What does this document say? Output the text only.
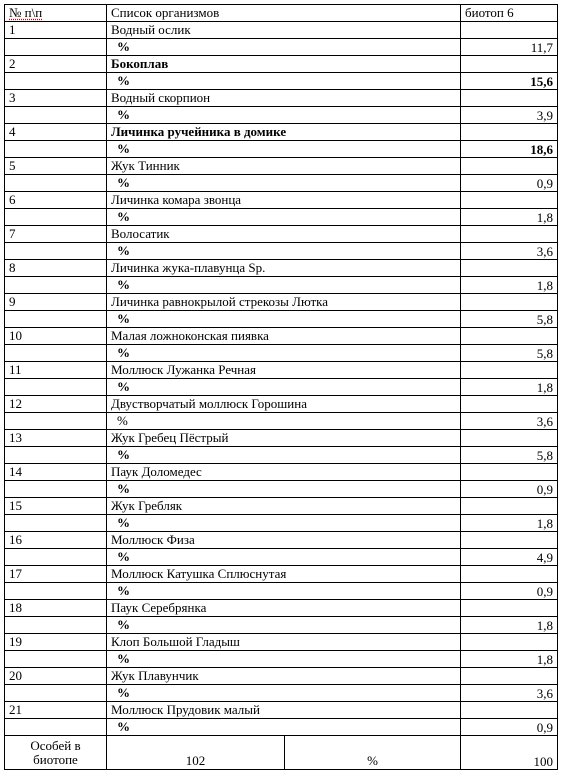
№ п\п	Список организмов		биотоп 6
1	Водный ослик		
	%		11,7
2	Бокоплав		
	%		15,6
3	Водный скорпион		
	%		3,9
4	Личинка ручейника в домике		
	%		18,6
5	Жук Тинник		
	%		0,9
6	Личинка комара звонца		
	%		1,8
7	Волосатик		
	%		3,6
8	Личинка жука-плавунца Sp.		
	%		1,8
9	Личинка равнокрылой стрекозы Лютка		
	%		5,8
10	Малая ложноконская пиявка		
	%		5,8
11	Моллюск Лужанка Речная		
	%		1,8
12	Двустворчатый моллюск Горошина		
	%		3,6
13	Жук Гребец Пёстрый		
	%		5,8
14	Паук Доломедес		
	%		0,9
15	Жук Гребляк		
	%		1,8
16	Моллюск Физа		
	%		4,9
17	Моллюск Катушка Сплюснутая		
	%		0,9
18	Паук Серебрянка		
	%		1,8
19	Клоп Большой Гладыш		
	%		1,8
20	Жук Плавунчик		
	%		3,6
21	Моллюск Прудовик малый		
	%		0,9
Особей в биотопе	102	%	100
